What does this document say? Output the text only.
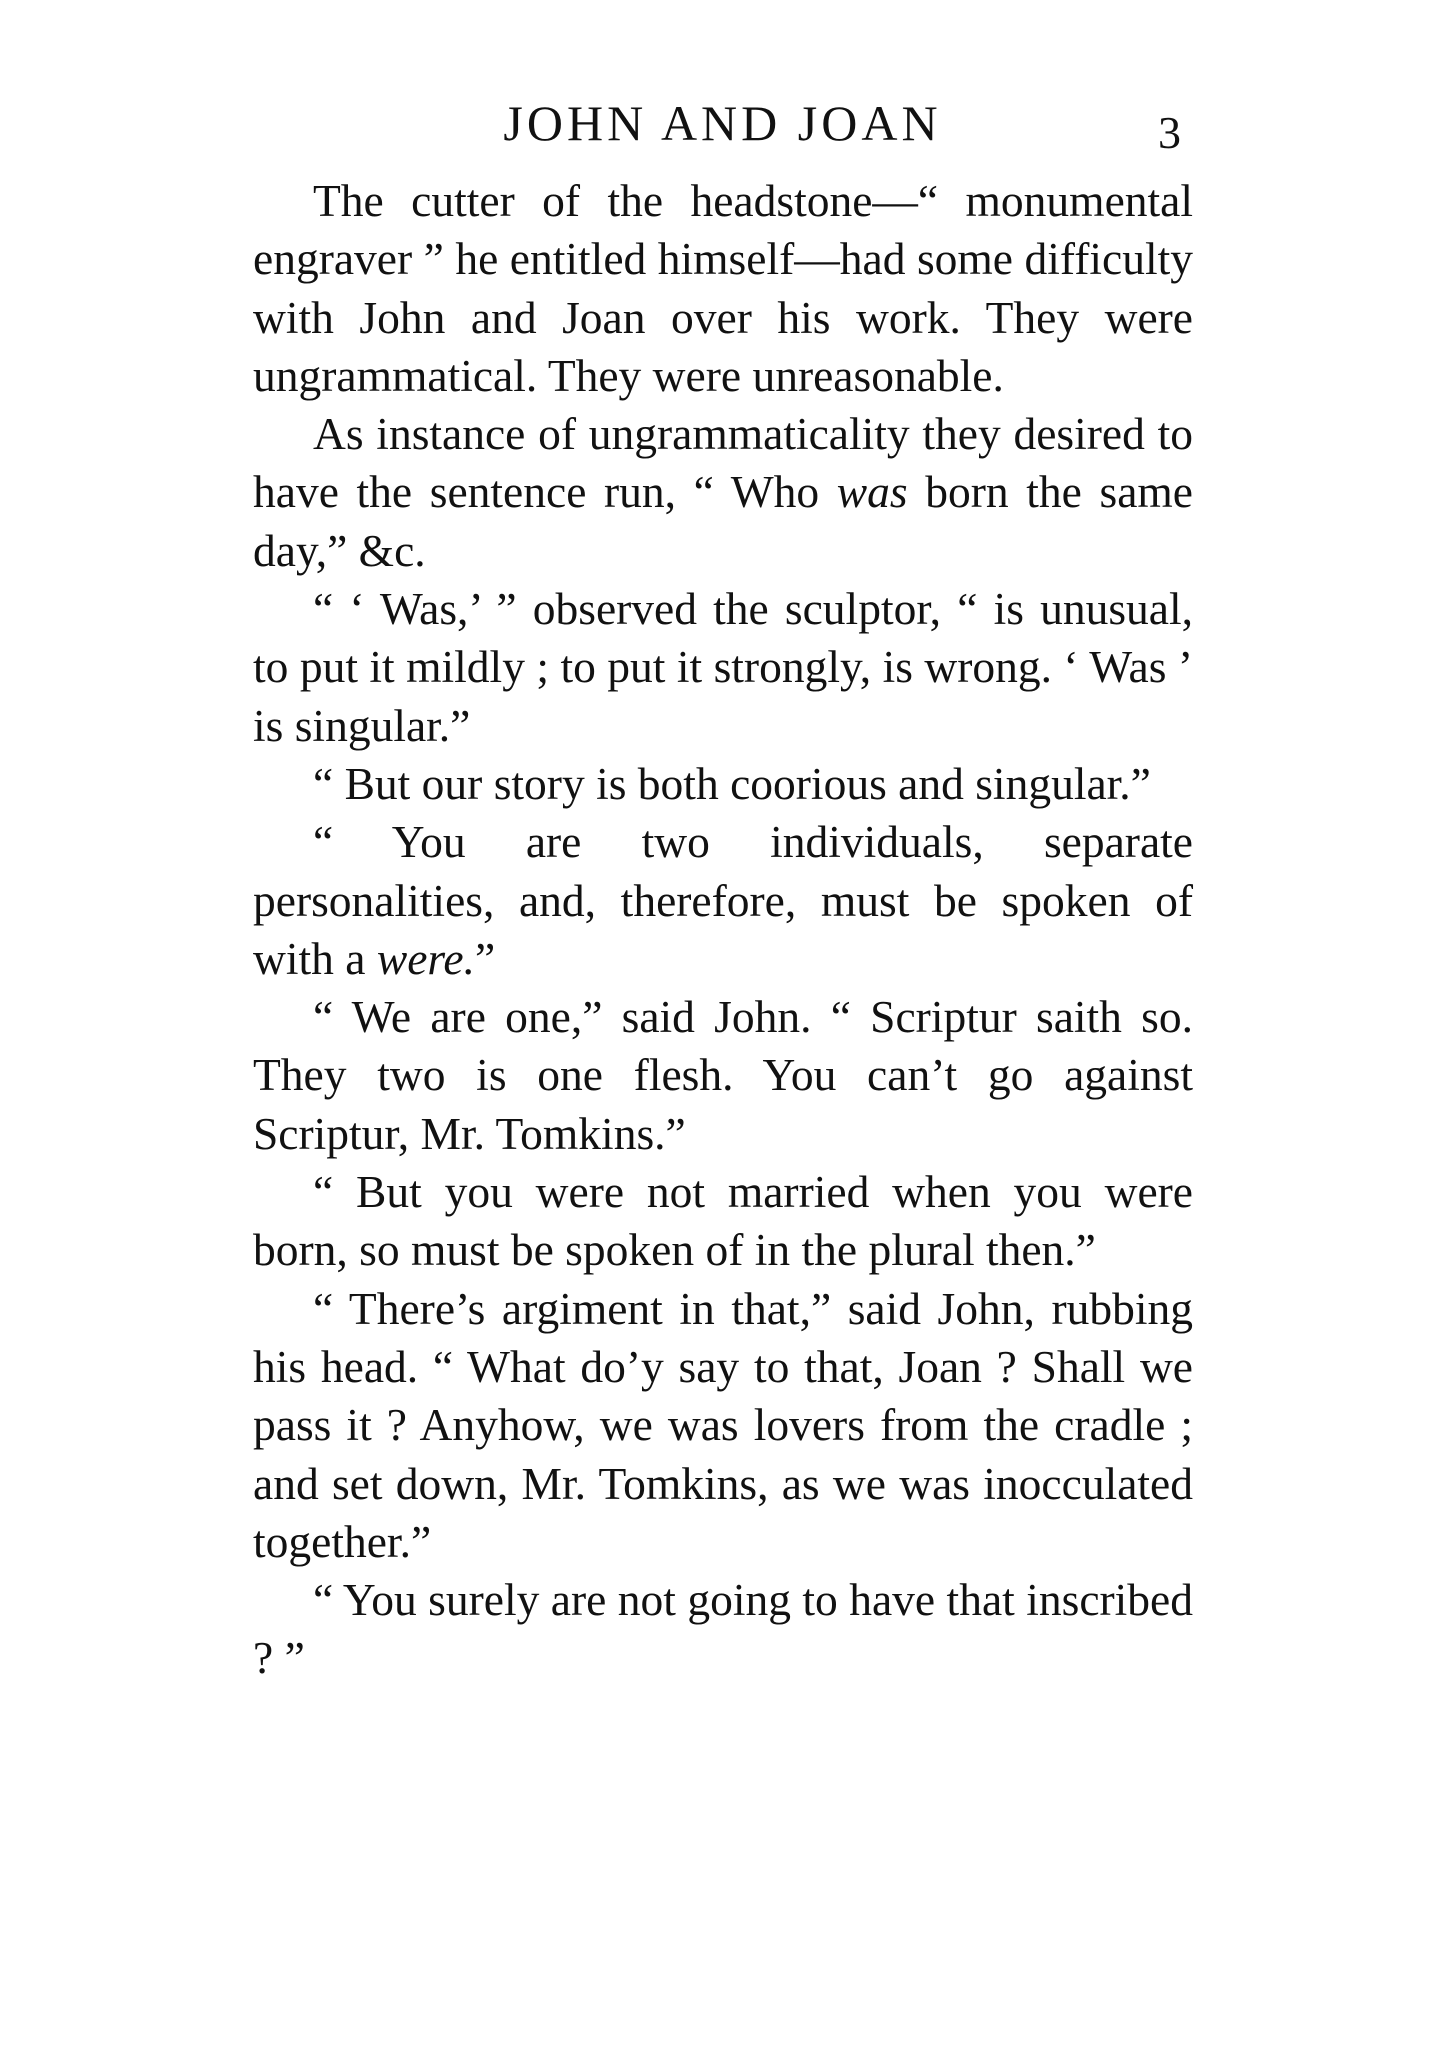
JOHN AND JOAN	3

The cutter of the headstone—“ monumental engraver ” he entitled himself—had some difficulty with John and Joan over his work. They were ungrammatical. They were unreasonable.

As instance of ungrammaticality they desired to have the sentence run, “ Who was born the same day,” &c.

“ ‘ Was,’ ” observed the sculptor, “ is unusual, to put it mildly ; to put it strongly, is wrong. ‘ Was ’ is singular.”

“ But our story is both coorious and singular.”

“ You are two individuals, separate personalities, and, therefore, must be spoken of with a were.”

“ We are one,” said John. “ Scriptur saith so. They two is one flesh. You can’t go against Scriptur, Mr. Tomkins.”

“ But you were not married when you were born, so must be spoken of in the plural then.”

“ There’s argiment in that,” said John, rubbing his head. “ What do’y say to that, Joan ? Shall we pass it ? Anyhow, we was lovers from the cradle ; and set down, Mr. Tomkins, as we was inocculated together.”

“ You surely are not going to have that inscribed ? ”
